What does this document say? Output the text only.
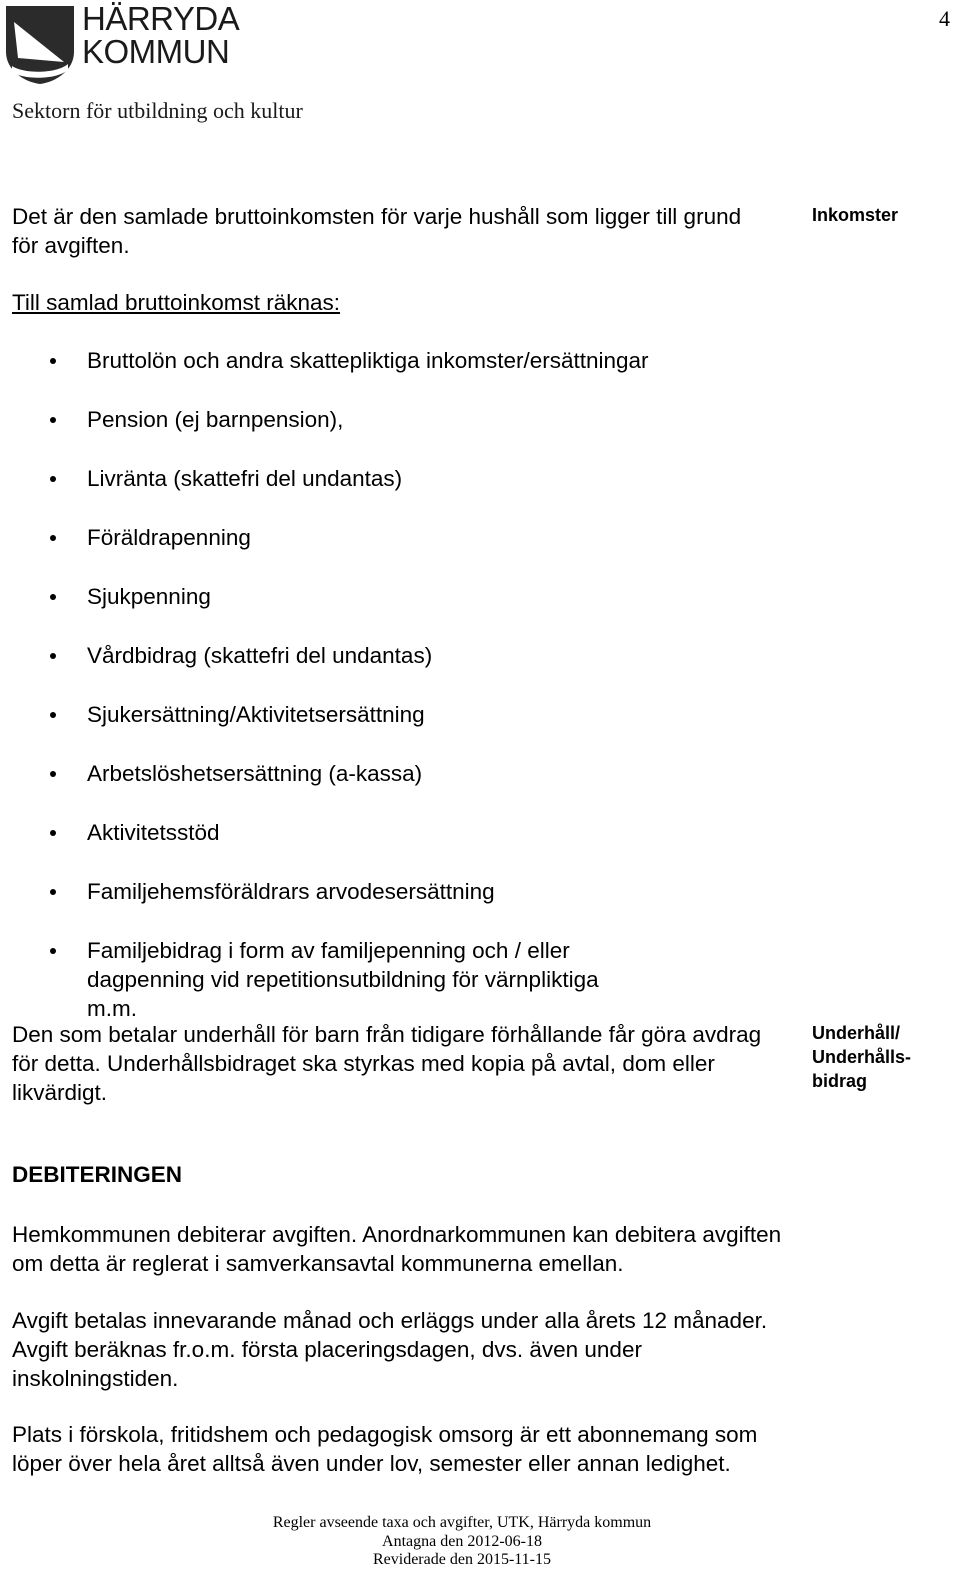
HÄRRYDA
KOMMUN
4
Sektorn för utbildning och kultur
Det är den samlade bruttoinkomsten för varje hushåll som ligger till grund för avgiften.
Inkomster
Till samlad bruttoinkomst räknas:
Bruttolön och andra skattepliktiga inkomster/ersättningar
Pension (ej barnpension),
Livränta (skattefri del undantas)
Föräldrapenning
Sjukpenning
Vårdbidrag (skattefri del undantas)
Sjukersättning/Aktivitetsersättning
Arbetslöshetsersättning (a-kassa)
Aktivitetsstöd
Familjehemsföräldrars arvodesersättning
Familjebidrag i form av familjepenning och / eller dagpenning vid repetitionsutbildning för värnpliktiga m.m.
Den som betalar underhåll för barn från tidigare förhållande får göra avdrag för detta. Underhållsbidraget ska styrkas med kopia på avtal, dom eller likvärdigt.
Underhåll/
Underhålls-
bidrag
DEBITERINGEN
Hemkommunen debiterar avgiften. Anordnarkommunen kan debitera avgiften om detta är reglerat i samverkansavtal kommunerna emellan.
Avgift betalas innevarande månad och erläggs under alla årets 12 månader. Avgift beräknas fr.o.m. första placeringsdagen, dvs. även under inskolningstiden.
Plats i förskola, fritidshem och pedagogisk omsorg är ett abonnemang som löper över hela året alltså även under lov, semester eller annan ledighet.
Regler avseende taxa och avgifter, UTK, Härryda kommun
Antagna den 2012-06-18
Reviderade den 2015-11-15
